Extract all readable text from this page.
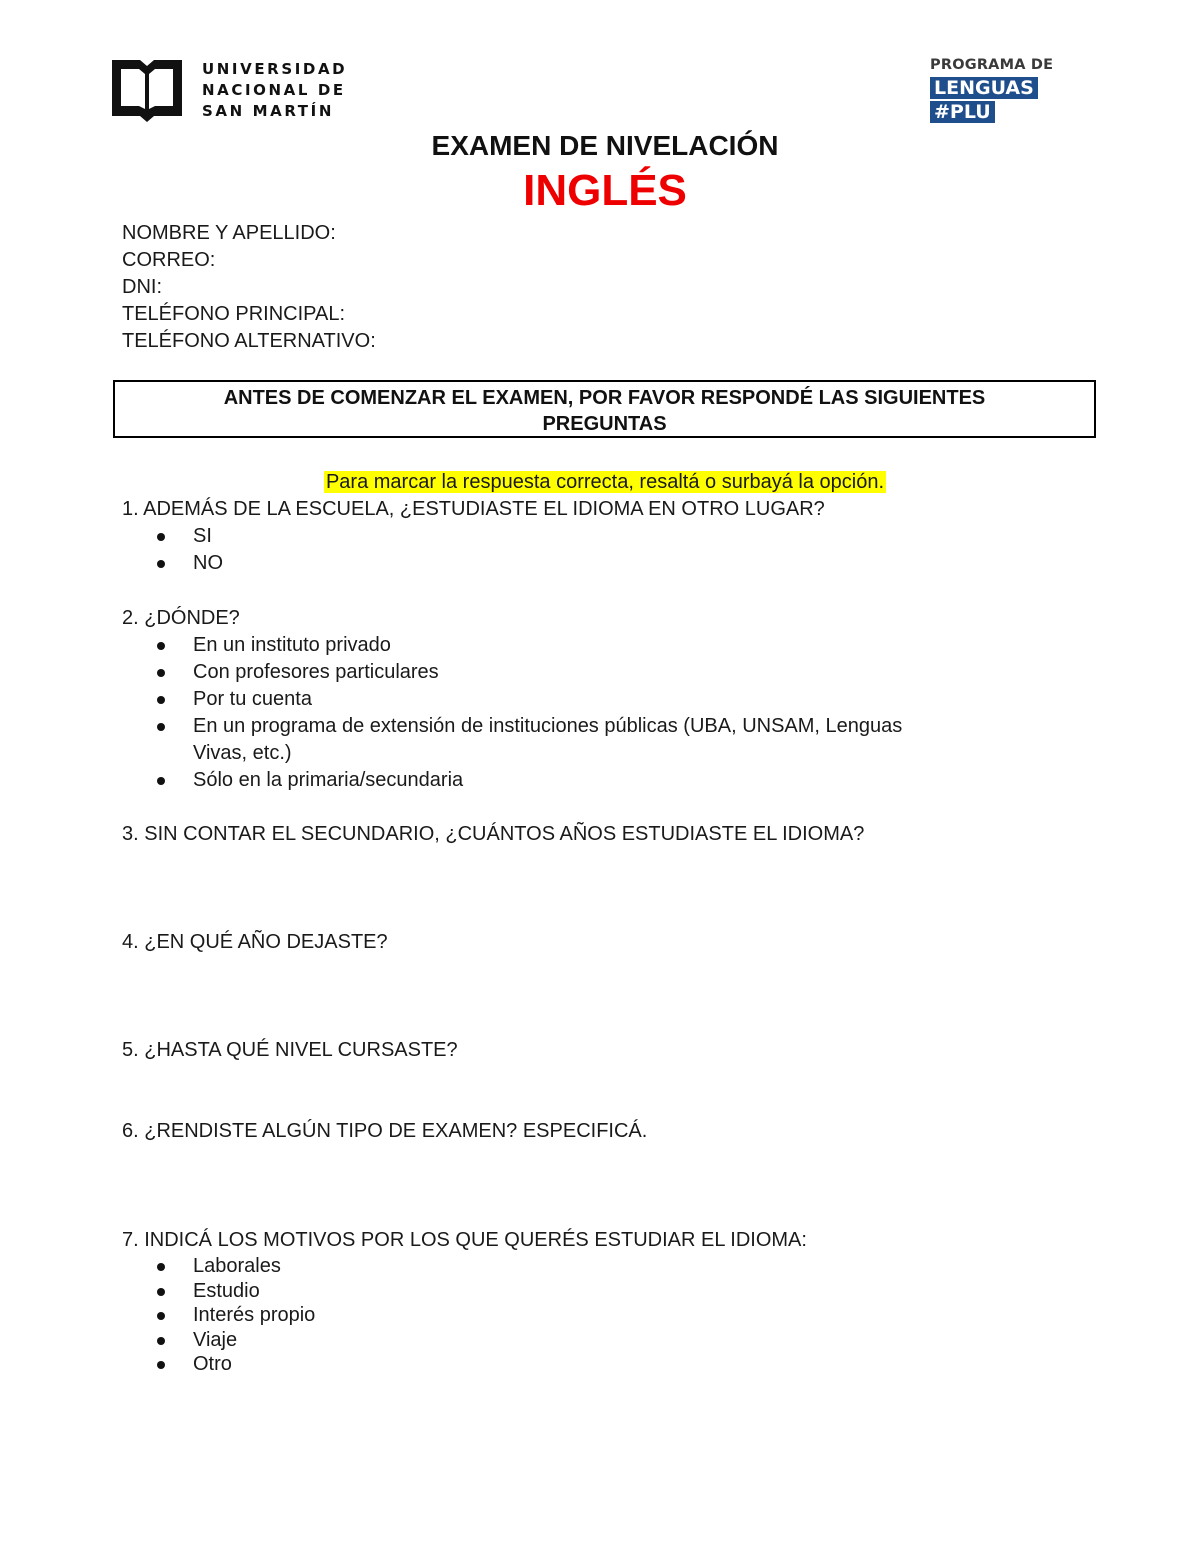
UNIVERSIDAD
NACIONAL DE
SAN MARTÍN
PROGRAMA DE
LENGUAS
#PLU
EXAMEN DE NIVELACIÓN
INGLÉS
NOMBRE Y APELLIDO:
CORREO:
DNI:
TELÉFONO PRINCIPAL:
TELÉFONO ALTERNATIVO:
ANTES DE COMENZAR EL EXAMEN, POR FAVOR RESPONDÉ LAS SIGUIENTES
PREGUNTAS
Para marcar la respuesta correcta, resaltá o surbayá la opción.
1. ADEMÁS DE LA ESCUELA, ¿ESTUDIASTE EL IDIOMA EN OTRO LUGAR?
SI
NO
2. ¿DÓNDE?
En un instituto privado
Con profesores particulares
Por tu cuenta
En un programa de extensión de instituciones públicas (UBA, UNSAM, Lenguas
Vivas, etc.)
Sólo en la primaria/secundaria
3. SIN CONTAR EL SECUNDARIO, ¿CUÁNTOS AÑOS ESTUDIASTE EL IDIOMA?
4. ¿EN QUÉ AÑO DEJASTE?
5. ¿HASTA QUÉ NIVEL CURSASTE?
6. ¿RENDISTE ALGÚN TIPO DE EXAMEN? ESPECIFICÁ.
7. INDICÁ LOS MOTIVOS POR LOS QUE QUERÉS ESTUDIAR EL IDIOMA:
Laborales
Estudio
Interés propio
Viaje
Otro
